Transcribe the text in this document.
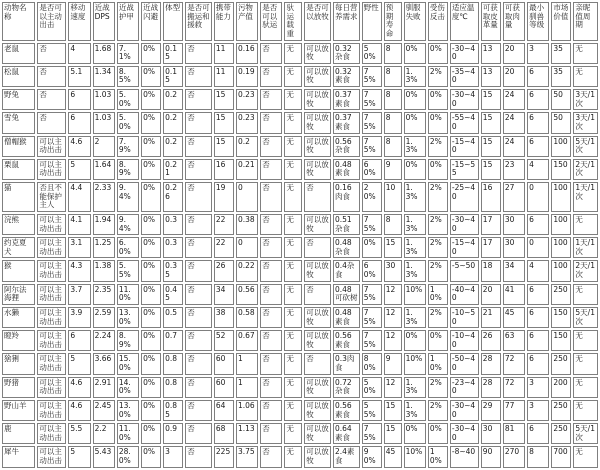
动物名称	是否可以主动出击	移动速度	近战DPS	近战护甲	近战闪避	体型	是否可搬运和援救	携带能力	污物产值	是否可以驮运	驮运载重	是否可以放牧	每日营养需求	野性	预期寿命	驯服失败	受伤反击	适应温度℃	可获取皮革量	可获取肉量	最小驯兽等级	市场价值	亲昵值周期
老鼠	否	4	1.68	7.1%	0%	0.15	否	11	0.16	否	无	可以放牧	0.32杂食	50%	8	0%	0%	-30~40	13	20	3	35	无
松鼠	否	5.1	1.34	8.5%	0%	0.15	否	11	0.19	否	无	可以放牧	0.32素食	75%	8	1.3%	2%	-35~40	13	20	6	35	无
野兔	否	6	1.03	5.0%	0%	0.2	否	15	0.23	否	无	可以放牧	0.37素食	75%	8	0%	0%	-30~40	15	24	6	50	3天/1次
雪兔	否	6	1.03	5.0%	0%	0.2	否	15	0.23	否	无	可以放牧	0.37素食	75%	8	0%	0%	-55~40	15	24	6	50	3天/1次
僧帽猴	可以主动出击	4.6	2	7.9%	0%	0.2	否	15	0.2	否	无	可以放牧	0.56杂食	75%	8	1.3%	2%	-15~40	15	24	6	100	5天/1次
栗鼠	可以主动出击	5	1.64	8.9%	0%	0.21	否	16	0.21	否	无	可以放牧	0.48素食	60%	9	0%	0%	-15~55	15	23	4	150	2天/1次
猫	否且不能保护主人	4.4	2.33	9.4%	0%	0.26	否	19	0	否	无	否	0.16肉食	20%	10	1.3%	2%	-25~40	16	27	0	100	1天/1次
浣熊	可以主动出击	4.1	1.94	9.4%	0%	0.3	否	22	0.38	否	无	可以放牧	0.51杂食	75%	8	1.3%	2%	-30~40	17	30	6	100	无
约克夏犬	可以主动出击	3.1	1.25	6.0%	0%	0.3	否	22	0	否	无	否	0.48杂食	0%	15	1.3%	2%	-15~40	17	30	0	100	1天/1次
猴	可以主动出击	4.3	1.38	5.5%	0%	0.35	否	26	0.22	否	无	可以放牧	0.4杂食	60%	30	1.3%	2%	-5~50	18	34	4	100	2天/1次
阿尔法海狸	可以主动出击	3.7	2.35	11.0%	0%	0.45	否	34	0.56	否	无	否	0.48可砍树	75%	12	10%	10%	-40~40	20	41	6	250	无
水獭	可以主动出击	3.9	2.59	13.0%	0%	0.5	否	38	0.58	否	无	可以放牧	0.48素食	75%	12	1.3%	2%	-10~50	21	45	6	150	5天/1次
瞪羚	可以主动出击	6	2.24	8.9%	0%	0.7	否	52	0.67	否	无	可以放牧	0.56素食	75%	12	0%	0%	-10~40	26	63	6	150	无
猞猁	可以主动出击	5	3.66	15.0%	0%	0.8	否	60	1	否	无	否	0.3肉食	80%	9	10%	10%	-50~40	28	72	6	250	无
野猪	可以主动出击	4.6	2.91	14.0%	0%	0.8	否	60	1	否	无	可以放牧	0.72杂食	50%	12	1.3%	2%	-23~40	28	72	3	200	无
野山羊	可以主动出击	4.6	2.45	13.0%	0%	0.85	否	64	1.06	否	无	可以放牧	0.56素食	55%	15	1.3%	2%	-30~40	29	77	3	250	无
鹿	可以主动出击	5.5	2.2	11.0%	0%	0.9	否	68	1.13	否	无	可以放牧	0.64素食	75%	15	0%	0%	-30~40	30	81	6	250	5天/1次
犀牛	可以主动出击	5	5.43	28.0%	0%	3	否	225	3.75	否	无	可以放牧	2.4素食	90%	45	10%	10%	-8~40	90	270	8	700	无
